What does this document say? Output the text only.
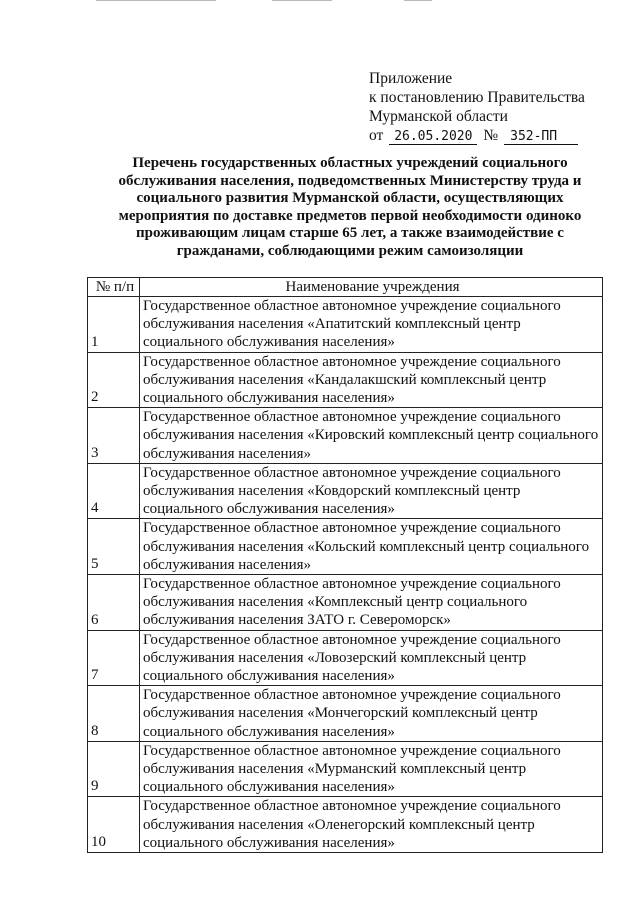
Приложение
к постановлению Правительства
Мурманской области
от 26.05.2020 № 352-ПП
Перечень государственных областных учреждений социального обслуживания населения, подведомственных Министерству труда и социального развития Мурманской области, осуществляющих мероприятия по доставке предметов первой необходимости одиноко проживающим лицам старше 65 лет, а также взаимодействие с гражданами, соблюдающими режим самоизоляции
№ п/п	Наименование учреждения
1	Государственное областное автономное учреждение социального обслуживания населения «Апатитский комплексный центр социального обслуживания населения»
2	Государственное областное автономное учреждение социального обслуживания населения «Кандалакшский комплексный центр социального обслуживания населения»
3	Государственное областное автономное учреждение социального обслуживания населения «Кировский комплексный центр социального обслуживания населения»
4	Государственное областное автономное учреждение социального обслуживания населения «Ковдорский комплексный центр социального обслуживания населения»
5	Государственное областное автономное учреждение социального обслуживания населения «Кольский комплексный центр социального обслуживания населения»
6	Государственное областное автономное учреждение социального обслуживания населения «Комплексный центр социального обслуживания населения ЗАТО г. Североморск»
7	Государственное областное автономное учреждение социального обслуживания населения «Ловозерский комплексный центр социального обслуживания населения»
8	Государственное областное автономное учреждение социального обслуживания населения «Мончегорский комплексный центр социального обслуживания населения»
9	Государственное областное автономное учреждение социального обслуживания населения «Мурманский комплексный центр социального обслуживания населения»
10	Государственное областное автономное учреждение социального обслуживания населения «Оленегорский комплексный центр социального обслуживания населения»
